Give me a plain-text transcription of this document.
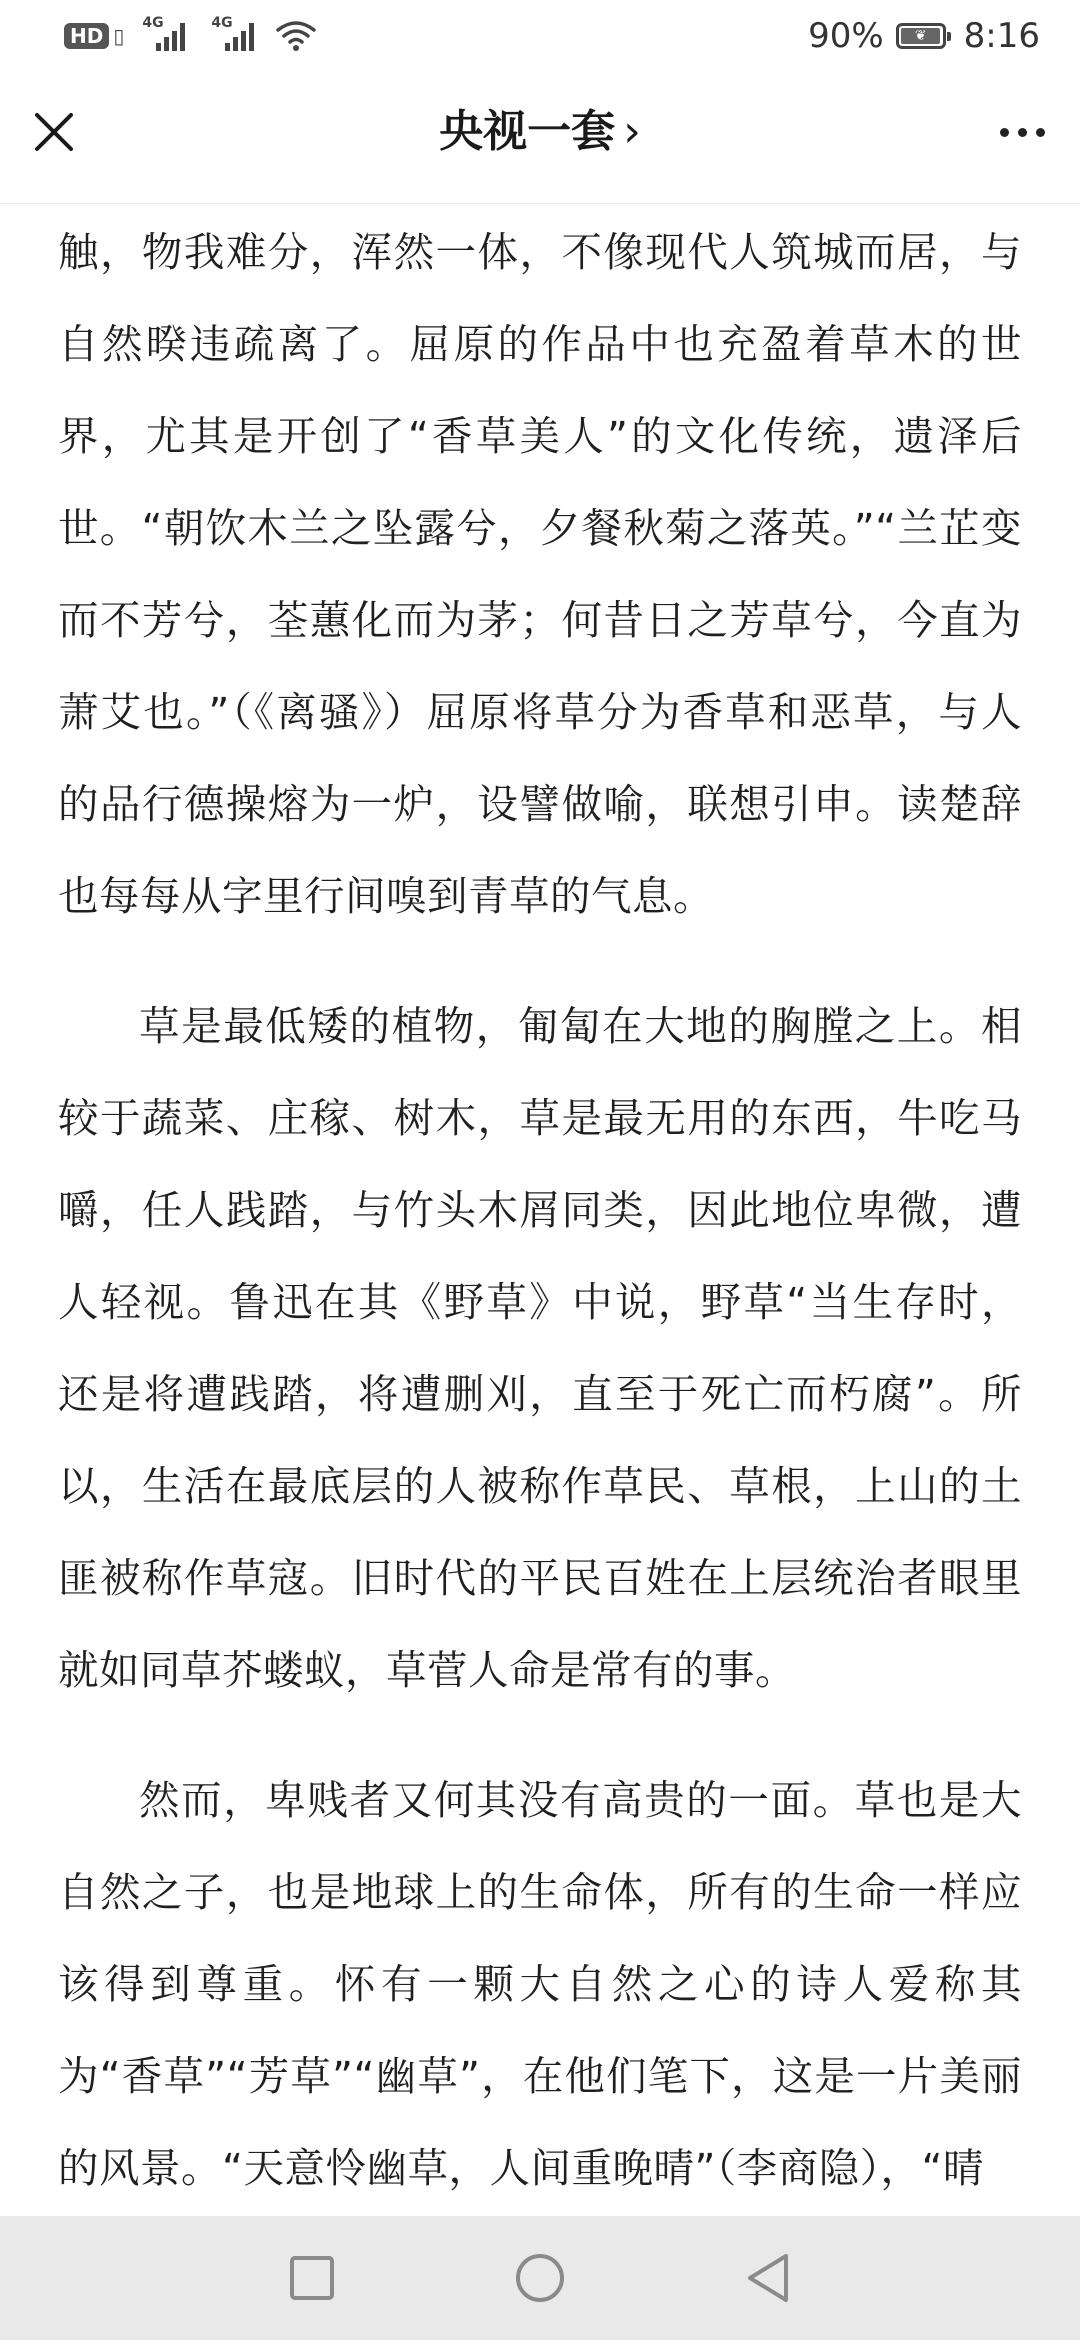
HD ▯
4G	4G	90% ❦ 8:16
央视一套 ›

触，物我难分，浑然一体，不像现代人筑城而居，与自然暌违疏离了。屈原的作品中也充盈着草木的世界，尤其是开创了“香草美人”的文化传统，遗泽后世。“朝饮木兰之坠露兮，夕餐秋菊之落英。”“兰芷变而不芳兮，荃蕙化而为茅；何昔日之芳草兮，今直为萧艾也。”（《离骚》）屈原将草分为香草和恶草，与人的品行德操熔为一炉，设譬做喻，联想引申。读楚辞也每每从字里行间嗅到青草的气息。

草是最低矮的植物，匍匐在大地的胸膛之上。相较于蔬菜、庄稼、树木，草是最无用的东西，牛吃马嚼，任人践踏，与竹头木屑同类，因此地位卑微，遭人轻视。鲁迅在其《野草》中说，野草“当生存时，还是将遭践踏，将遭删刈，直至于死亡而朽腐”。所以，生活在最底层的人被称作草民、草根，上山的土匪被称作草寇。旧时代的平民百姓在上层统治者眼里就如同草芥蝼蚁，草菅人命是常有的事。

然而，卑贱者又何其没有高贵的一面。草也是大自然之子，也是地球上的生命体，所有的生命一样应该得到尊重。怀有一颗大自然之心的诗人爱称其为“香草”“芳草”“幽草”，在他们笔下，这是一片美丽的风景。“天意怜幽草，人间重晚晴”（李商隐），“晴
